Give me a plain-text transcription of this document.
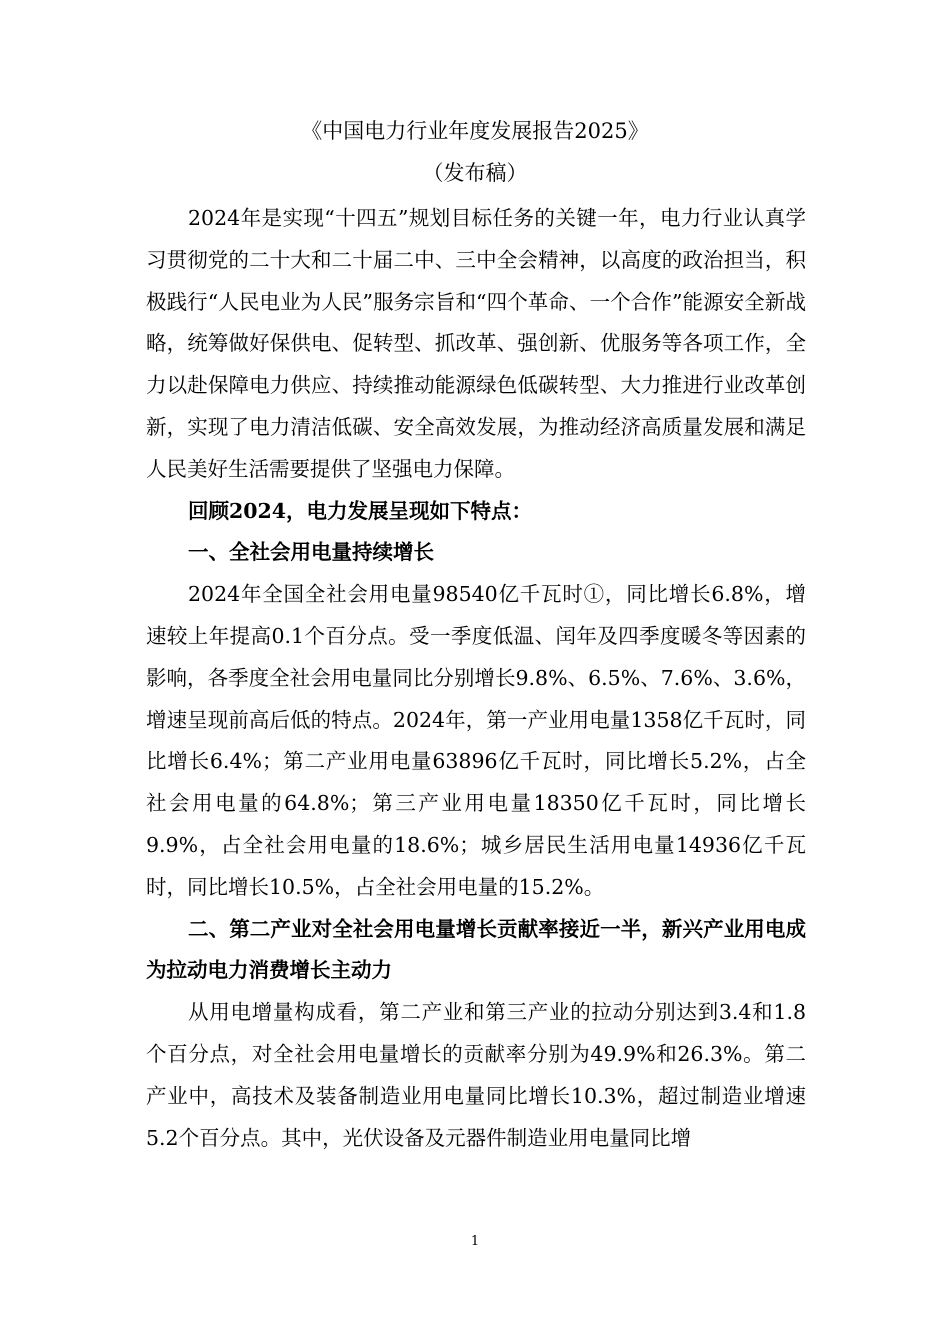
《中国电力行业年度发展报告2025》
（发布稿）

2024年是实现“十四五”规划目标任务的关键一年，电力行业认真学习贯彻党的二十大和二十届二中、三中全会精神，以高度的政治担当，积极践行“人民电业为人民”服务宗旨和“四个革命、一个合作”能源安全新战略，统筹做好保供电、促转型、抓改革、强创新、优服务等各项工作，全力以赴保障电力供应、持续推动能源绿色低碳转型、大力推进行业改革创新，实现了电力清洁低碳、安全高效发展，为推动经济高质量发展和满足人民美好生活需要提供了坚强电力保障。

回顾2024，电力发展呈现如下特点：

一、全社会用电量持续增长

2024年全国全社会用电量98540亿千瓦时①，同比增长6.8%，增速较上年提高0.1个百分点。受一季度低温、闰年及四季度暖冬等因素的影响，各季度全社会用电量同比分别增长9.8%、6.5%、7.6%、3.6%，增速呈现前高后低的特点。2024年，第一产业用电量1358亿千瓦时，同比增长6.4%；第二产业用电量63896亿千瓦时，同比增长5.2%，占全社会用电量的64.8%；第三产业用电量18350亿千瓦时，同比增长9.9%，占全社会用电量的18.6%；城乡居民生活用电量14936亿千瓦时，同比增长10.5%，占全社会用电量的15.2%。

二、第二产业对全社会用电量增长贡献率接近一半，新兴产业用电成为拉动电力消费增长主动力

从用电增量构成看，第二产业和第三产业的拉动分别达到3.4和1.8个百分点，对全社会用电量增长的贡献率分别为49.9%和26.3%。第二产业中，高技术及装备制造业用电量同比增长10.3%，超过制造业增速5.2个百分点。其中，光伏设备及元器件制造业用电量同比增

1
